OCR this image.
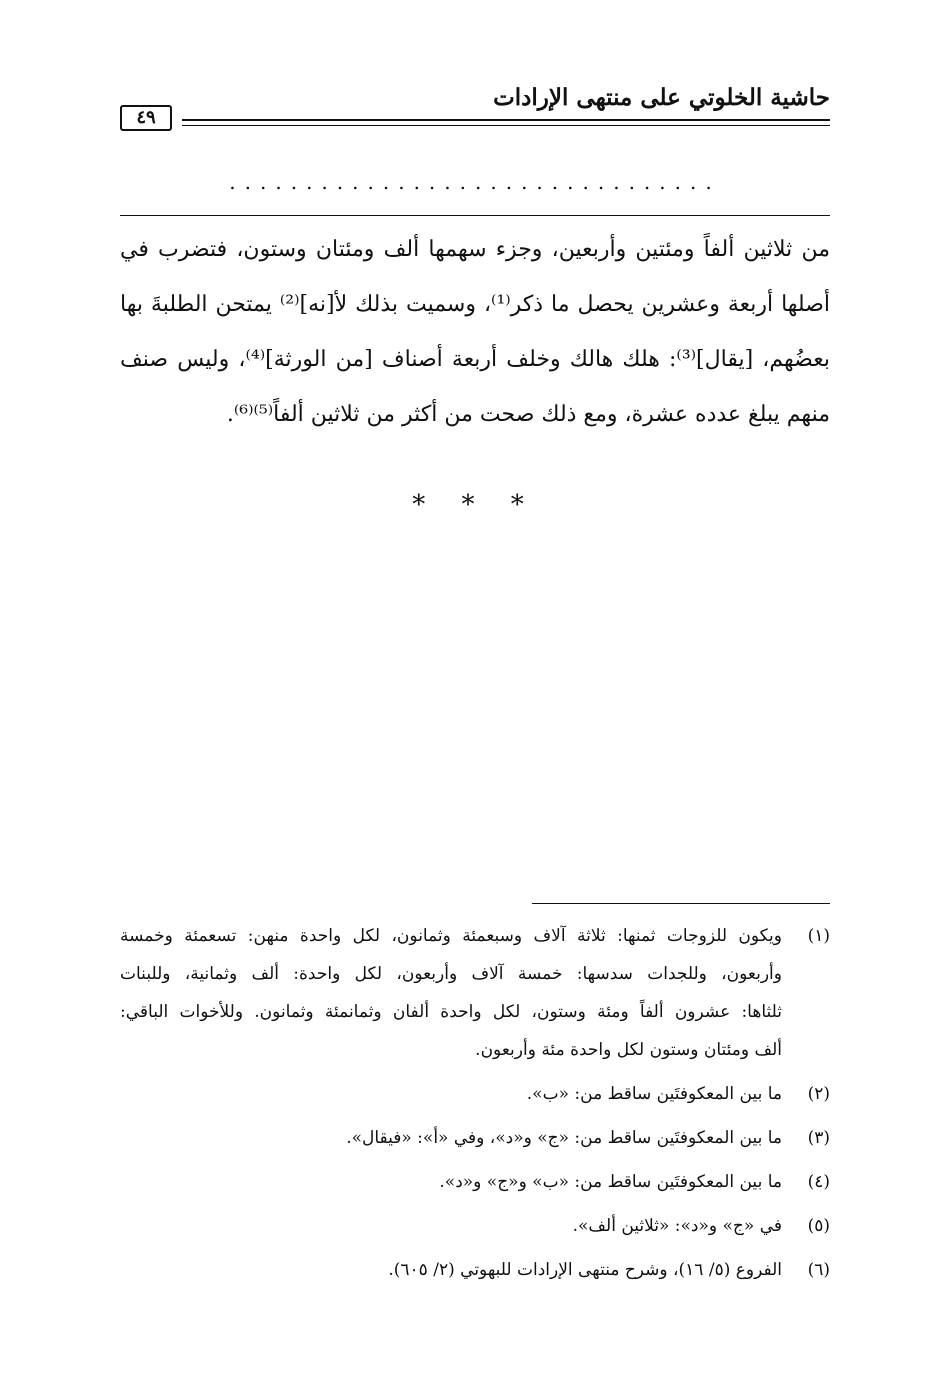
حاشية الخلوتي على منتهى الإرادات
٤٩
................................

من ثلاثين ألفاً ومئتين وأربعين، وجزء سهمها ألف ومئتان وستون، فتضرب في
أصلها أربعة وعشرين يحصل ما ذكر⁽¹⁾، وسميت بذلك لأ[نه]⁽²⁾ يمتحن الطلبةَ بها
بعضُهم، [يقال]⁽³⁾: هلك هالك وخلف أربعة أصناف [من الورثة]⁽⁴⁾، وليس صنف
منهم يبلغ عدده عشرة، ومع ذلك صحت من أكثر من ثلاثين ألفاً⁽⁵⁾⁽⁶⁾.

* * *
(١)
ويكون للزوجات ثمنها: ثلاثة آلاف وسبعمئة وثمانون، لكل واحدة منهن: تسعمئة وخمسة
وأربعون، وللجدات سدسها: خمسة آلاف وأربعون، لكل واحدة: ألف وثمانية، وللبنات
ثلثاها: عشرون ألفاً ومئة وستون، لكل واحدة ألفان وثمانمئة وثمانون. وللأخوات الباقي:
ألف ومئتان وستون لكل واحدة مئة وأربعون.
(٢)
ما بين المعكوفتَين ساقط من: «ب».
(٣)
ما بين المعكوفتَين ساقط من: «ج» و«د»، وفي «أ»: «فيقال».
(٤)
ما بين المعكوفتَين ساقط من: «ب» و«ج» و«د».
(٥)
في «ج» و«د»: «ثلاثين ألف».
(٦)
الفروع (٥/ ١٦)، وشرح منتهى الإرادات للبهوتي (٢/ ٦٠٥).
